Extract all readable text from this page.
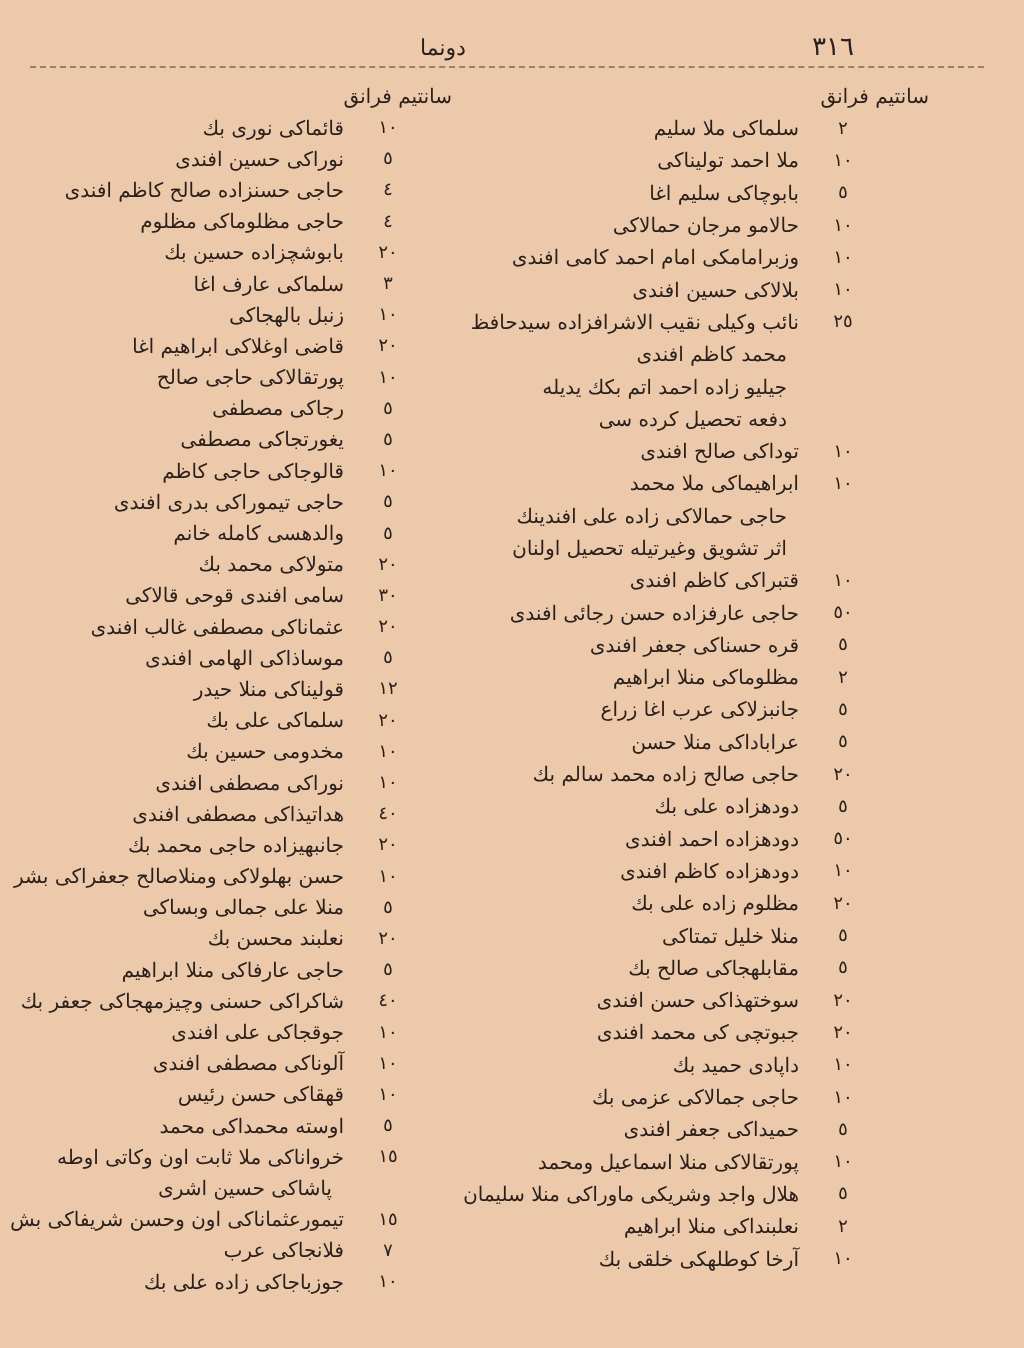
٣١٦
دونما
سانتیم فرانق
٢
سلماکی ملا سلیم
١٠
ملا احمد تولیناکی
٥
بابوچاکی سلیم اغا
١٠
حالامو مرجان حمالاکی
١٠
وزبرامامکی امام احمد کامی افندی
١٠
بلالاکی حسین افندی
٢٥
نائب وکیلی نقیب الاشرافزاده سیدحافظ
محمد کاظم افندی
جیلیو زاده احمد اتم بکك یدیله
دفعه تحصیل کرده سی
١٠
توداکی صالح افندی
١٠
ابراهیماکی ملا محمد
حاجی حمالاکی زاده علی افندینك
اثر تشویق وغیرتیله تحصیل اولنان
١٠
قتبراکی کاظم افندی
٥٠
حاجی عارفزاده حسن رجائی افندی
٥
قره حسناکی جعفر افندی
٢
مظلوماکی منلا ابراهیم
٥
جانبزلاکی عرب اغا زراع
٥
عراباداکی منلا حسن
٢٠
حاجی صالح زاده محمد سالم بك
٥
دودهزاده علی بك
٥٠
دودهزاده احمد افندی
١٠
دودهزاده کاظم افندی
٢٠
مظلوم زاده علی بك
٥
منلا خلیل تمتاکی
٥
مقابلهجاکی صالح بك
٢٠
سوختهذاکی حسن افندی
٢٠
جبوتچی کی محمد افندی
١٠
داپادی حمید بك
١٠
حاجی جمالاکی عزمی بك
٥
حمیداکی جعفر افندی
١٠
پورتقالاکی منلا اسماعیل ومحمد
٥
هلال واجد وشریکی ماوراکی منلا سلیمان
٢
نعلبنداکی منلا ابراهیم
١٠
آرخا کوطلهکی خلقی بك
سانتیم فرانق
١٠
قائماکی نوری بك
٥
نوراکی حسین افندی
٤
حاجی حسنزاده صالح کاظم افندی
٤
حاجی مظلوماکی مظلوم
٢٠
بابوشچزاده حسین بك
٣
سلماکی عارف اغا
١٠
زنبل بالهجاکی
٢٠
قاضی اوغلاکی ابراهیم اغا
١٠
پورتقالاکی حاجی صالح
٥
رجاکی مصطفی
٥
یغورتجاکی مصطفی
١٠
قالوجاکی حاجی کاظم
٥
حاجی تیموراکی بدری افندی
٥
والدهسی کامله خانم
٢٠
متولاکی محمد بك
٣٠
سامی افندی قوحی قالاکی
٢٠
عثماناکی مصطفی غالب افندی
٥
موساذاکی الهامی افندی
١٢
قولیناکی منلا حیدر
٢٠
سلماکی علی بك
١٠
مخدومی حسین بك
١٠
نوراکی مصطفی افندی
٤٠
هداتیذاکی مصطفی افندی
٢٠
جانبهیزاده حاجی محمد بك
١٠
حسن بهلولاکی ومنلاصالح جعفراکی بشر
٥
منلا علی جمالی وبساکی
٢٠
نعلبند محسن بك
٥
حاجی عارفاکی منلا ابراهیم
٤٠
شاکراکی حسنی وچیزمهجاکی جعفر بك
١٠
جوقجاکی علی افندی
١٠
آلوناکی مصطفی افندی
١٠
قهقاکی حسن رئیس
٥
اوسته محمداکی محمد
١٥
خرواناکی ملا ثابت اون وکاتی اوطه
پاشاکی حسین اشری
١٥
تیمورعثماناکی اون وحسن شریفاکی بش
٧
فلانجاکی عرب
١٠
جوزباجاکی زاده علی بك
